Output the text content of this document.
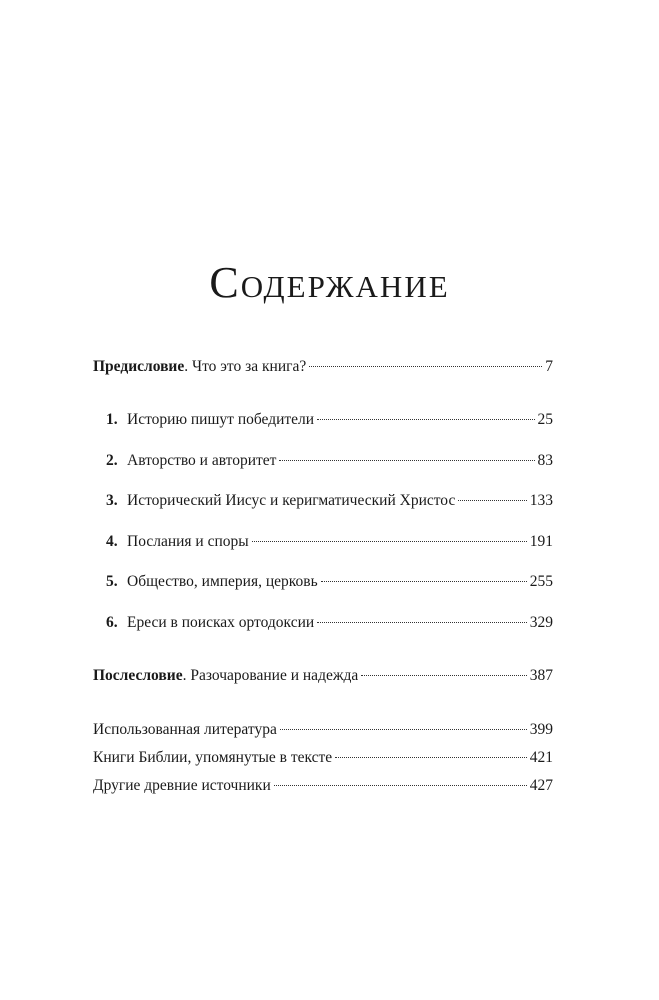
Содержание
Предисловие. Что это за книга?	7
1. Историю пишут победители	25
2. Авторство и авторитет	83
3. Исторический Иисус и керигматический Христос	133
4. Послания и споры	191
5. Общество, империя, церковь	255
6. Ереси в поисках ортодоксии	329
Послесловие. Разочарование и надежда	387
Использованная литература	399
Книги Библии, упомянутые в тексте	421
Другие древние источники	427
